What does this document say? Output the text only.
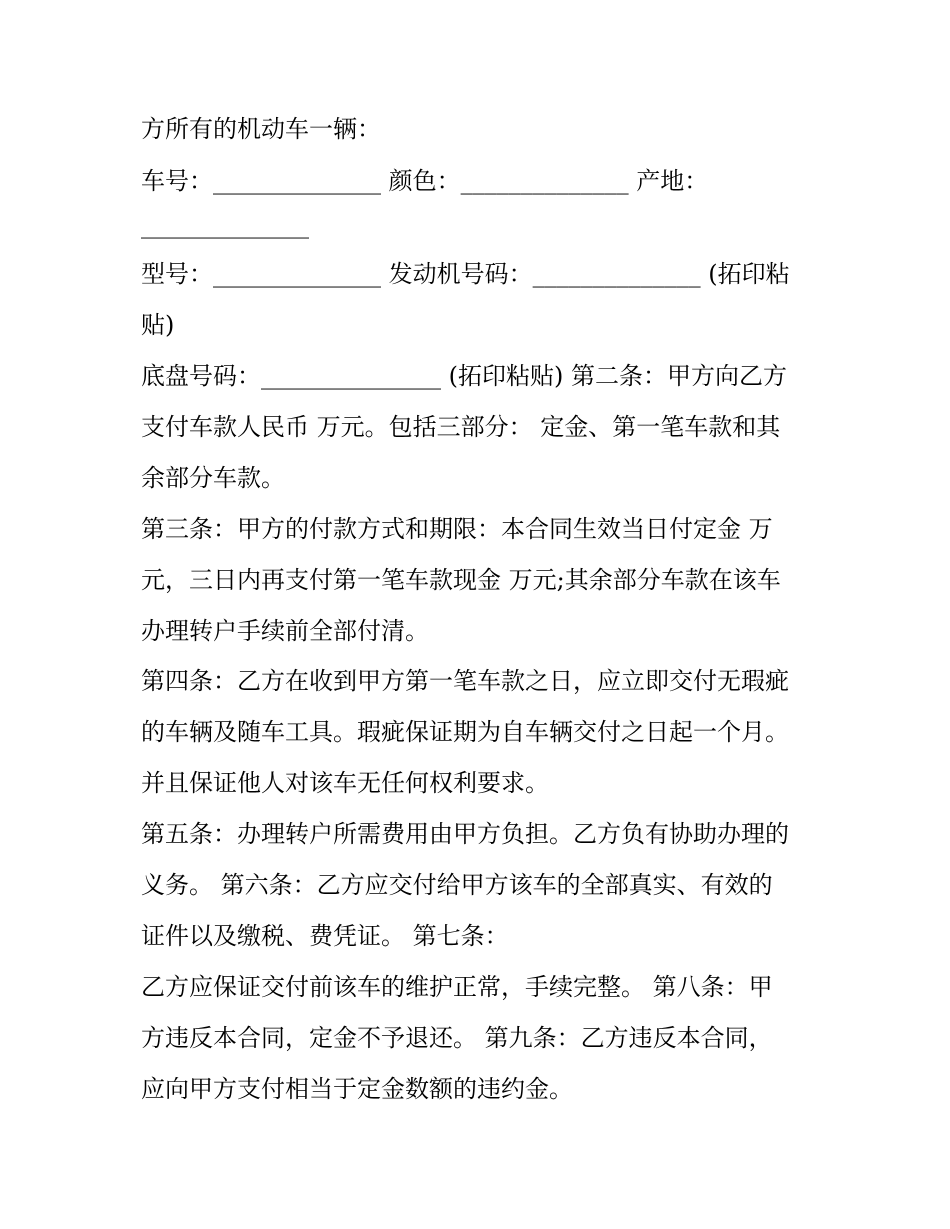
方所有的机动车一辆：
车号：______________ 颜色：______________ 产地：
______________
型号：______________ 发动机号码：______________ (拓印粘
贴)
底盘号码：_______________ (拓印粘贴) 第二条：甲方向乙方
支付车款人民币 万元。包括三部分： 定金、第一笔车款和其
余部分车款。
第三条：甲方的付款方式和期限：本合同生效当日付定金 万
元，三日内再支付第一笔车款现金 万元;其余部分车款在该车
办理转户手续前全部付清。
第四条：乙方在收到甲方第一笔车款之日，应立即交付无瑕疵
的车辆及随车工具。瑕疵保证期为自车辆交付之日起一个月。
并且保证他人对该车无任何权利要求。
第五条：办理转户所需费用由甲方负担。乙方负有协助办理的
义务。 第六条：乙方应交付给甲方该车的全部真实、有效的
证件以及缴税、费凭证。 第七条：
乙方应保证交付前该车的维护正常，手续完整。 第八条：甲
方违反本合同，定金不予退还。 第九条：乙方违反本合同，
应向甲方支付相当于定金数额的违约金。
